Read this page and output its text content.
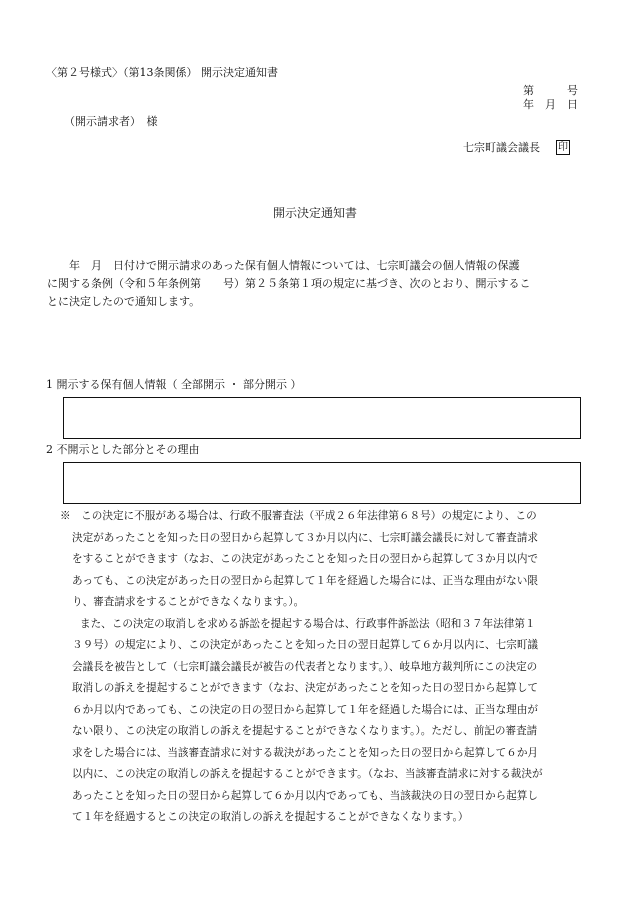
〈第２号様式〉（第13条関係） 開示決定通知書
第　　　号
年　月　日
（開示請求者）　様
七宗町議会議長 印
開示決定通知書
　　年　月　日付けで開示請求のあった保有個人情報については、七宗町議会の個人情報の保護
に関する条例（令和５年条例第　　号）第２５条第１項の規定に基づき、次のとおり、開示するこ
とに決定したので通知します。
1 開示する保有個人情報（ 全部開示 ・ 部分開示 ）
2 不開示とした部分とその理由
※　この決定に不服がある場合は、行政不服審査法（平成２６年法律第６８号）の規定により、この
決定があったことを知った日の翌日から起算して３か月以内に、七宗町議会議長に対して審査請求
をすることができます（なお、この決定があったことを知った日の翌日から起算して３か月以内で
あっても、この決定があった日の翌日から起算して１年を経過した場合には、正当な理由がない限
り、審査請求をすることができなくなります。）。
また、この決定の取消しを求める訴訟を提起する場合は、行政事件訴訟法（昭和３７年法律第１
３９号）の規定により、この決定があったことを知った日の翌日起算して６か月以内に、七宗町議
会議長を被告として（七宗町議会議長が被告の代表者となります。）、岐阜地方裁判所にこの決定の
取消しの訴えを提起することができます（なお、決定があったことを知った日の翌日から起算して
６か月以内であっても、この決定の日の翌日から起算して１年を経過した場合には、正当な理由が
ない限り、この決定の取消しの訴えを提起することができなくなります。）。ただし、前記の審査請
求をした場合には、当該審査請求に対する裁決があったことを知った日の翌日から起算して６か月
以内に、この決定の取消しの訴えを提起することができます。（なお、当該審査請求に対する裁決が
あったことを知った日の翌日から起算して６か月以内であっても、当該裁決の日の翌日から起算し
て１年を経過するとこの決定の取消しの訴えを提起することができなくなります。）
